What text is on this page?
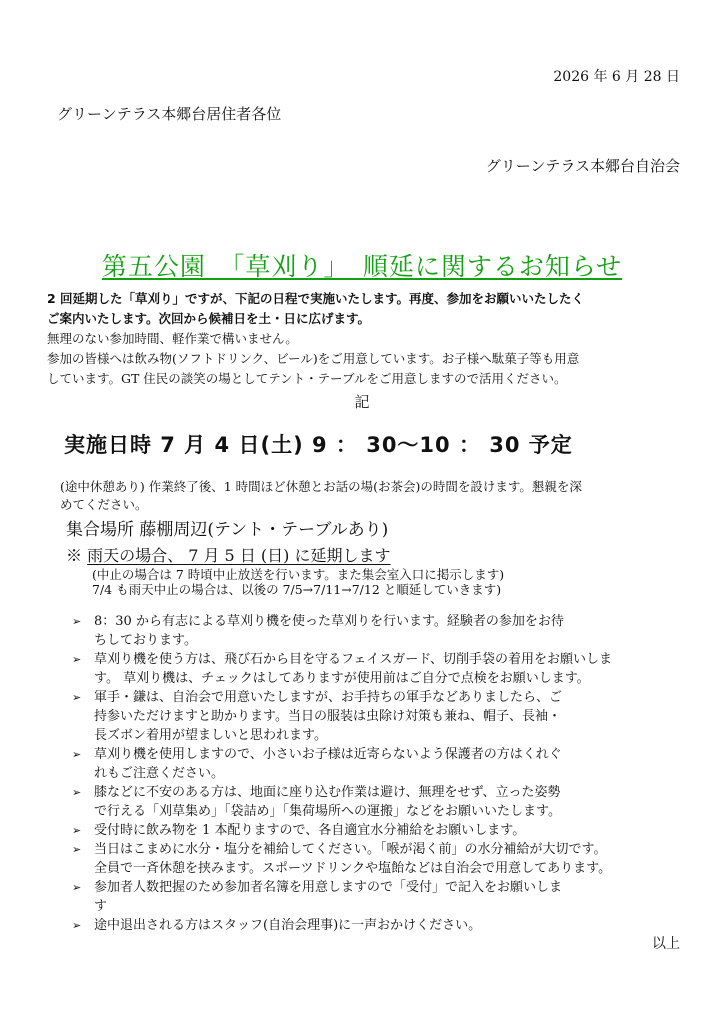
2026 年 6 月 28 日
グリーンテラス本郷台居住者各位
グリーンテラス本郷台自治会
第五公園　「草刈り」　順延に関するお知らせ

2 回延期した「草刈り」ですが、下記の日程で実施いたします。再度、参加をお願いいたしたく

ご案内いたします。次回から候補日を土・日に広げます。

無理のない参加時間、軽作業で構いません。

参加の皆様へは飲み物(ソフトドリンク、ビール)をご用意しています。お子様へ駄菓子等も用意

しています。GT 住民の談笑の場としてテント・テーブルをご用意しますので活用ください。

記
実施日時 7 月 4 日(土) 9 ： 30～10 ： 30 予定
(途中休憩あり) 作業終了後、1 時間ほど休憩とお話の場(お茶会)の時間を設けます。懇親を深
めてください。
集合場所 藤棚周辺(テント・テーブルあり)
※ 雨天の場合、 7 月 5 日 (日) に延期します
(中止の場合は 7 時頃中止放送を行います。また集会室入口に掲示します)
7/4 も雨天中止の場合は、以後の 7/5→7/11→7/12 と順延していきます)
➢ 8：30 から有志による草刈り機を使った草刈りを行います。経験者の参加をお待
ちしております。
➢ 草刈り機を使う方は、飛び石から目を守るフェイスガード、切削手袋の着用をお願いしま
す。 草刈り機は、チェックはしてありますが使用前はご自分で点検をお願いします。
➢ 軍手・鎌は、自治会で用意いたしますが、お手持ちの軍手などありましたら、ご
持参いただけますと助かります。当日の服装は虫除け対策も兼ね、帽子、長袖・
長ズボン着用が望ましいと思われます。
➢ 草刈り機を使用しますので、小さいお子様は近寄らないよう保護者の方はくれぐ
れもご注意ください。
➢ 膝などに不安のある方は、地面に座り込む作業は避け、無理をせず、立った姿勢
で行える「刈草集め」「袋詰め」「集荷場所への運搬」などをお願いいたします。
➢ 受付時に飲み物を 1 本配りますので、各自適宜水分補給をお願いします。
➢ 当日はこまめに水分・塩分を補給してください。「喉が渇く前」の水分補給が大切です。
全員で一斉休憩を挟みます。スポーツドリンクや塩飴などは自治会で用意してあります。
➢ 参加者人数把握のため参加者名簿を用意しますので「受付」で記入をお願いしま
す
➢ 途中退出される方はスタッフ(自治会理事)に一声おかけください。
以上
